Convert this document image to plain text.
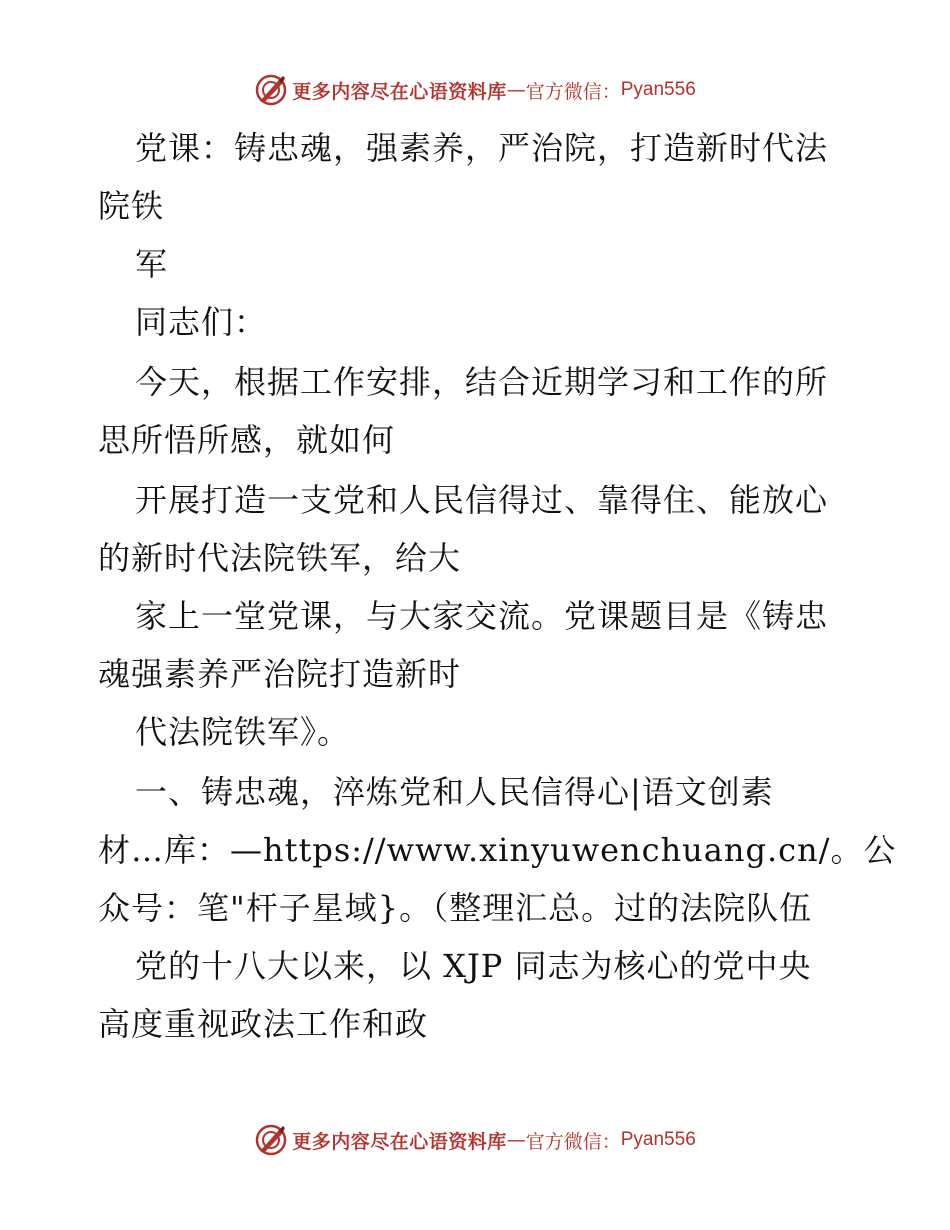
更多内容尽在心语资料库 — 官方微信： Pyan556
党课：铸忠魂，强素养，严治院，打造新时代法
院铁
军
同志们：
今天，根据工作安排，结合近期学习和工作的所
思所悟所感，就如何
开展打造一支党和人民信得过、靠得住、能放心
的新时代法院铁军，给大
家上一堂党课，与大家交流。党课题目是《铸忠
魂强素养严治院打造新时
代法院铁军》。
一、铸忠魂，淬炼党和人民信得心|语文创素
材…库：—https://www.xinyuwenchuang.cn/。公
众号：笔"杆子星域}。（整理汇总。过的法院队伍
党的十八大以来，以 XJP 同志为核心的党中央
高度重视政法工作和政
更多内容尽在心语资料库 — 官方微信： Pyan556
